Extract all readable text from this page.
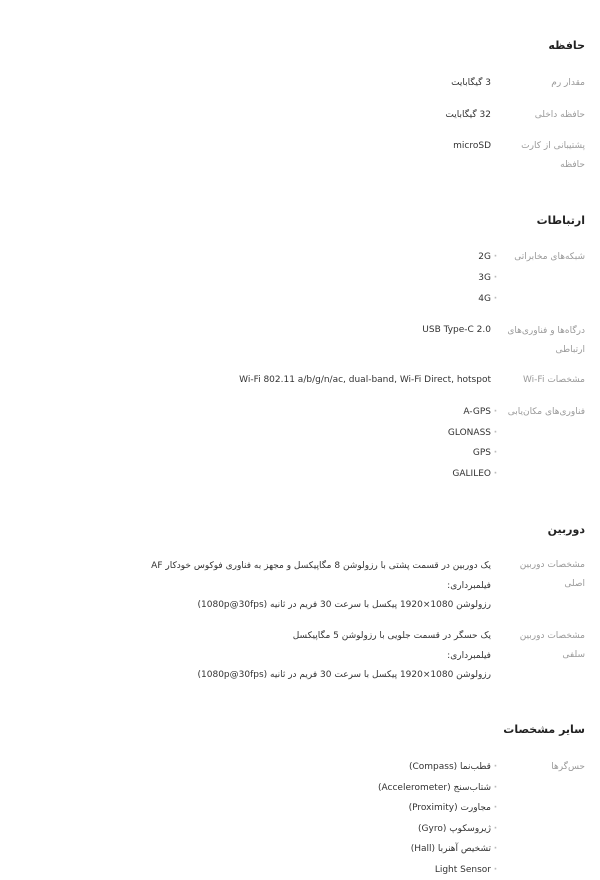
حافظه
مقدار رم
3 گیگابایت
حافظه داخلی
32 گیگابایت
پشتیبانی از کارت حافظه
microSD
ارتباطات
شبکه‌های مخابراتی
· 2G
· 3G
· 4G
درگاه‌ها و فناوری‌های ارتباطی
USB Type-C 2.0
مشخصات Wi-Fi
Wi-Fi 802.11 a/b/g/n/ac, dual-band, Wi-Fi Direct, hotspot
فناوری‌های مکان‌یابی
· A-GPS
· GLONASS
· GPS
· GALILEO
دوربین
مشخصات دوربین اصلی
یک دوربین در قسمت پشتی با رزولوشن 8 مگاپیکسل و مجهز به فناوری فوکوس خودکار AF
فیلمبرداری:
رزولوشن 1080×1920 پیکسل با سرعت 30 فریم در ثانیه (1080p@30fps)
مشخصات دوربین سلفی
یک حسگر در قسمت جلویی با رزولوشن 5 مگاپیکسل
فیلمبرداری:
رزولوشن 1080×1920 پیکسل با سرعت 30 فریم در ثانیه (1080p@30fps)
سایر مشخصات
حس‌گرها
· قطب‌نما (Compass)
· شتاب‌سنج (Accelerometer)
· مجاورت (Proximity)
· ژیروسکوپ (Gyro)
· تشخیص آهنربا (Hall)
· Light Sensor
